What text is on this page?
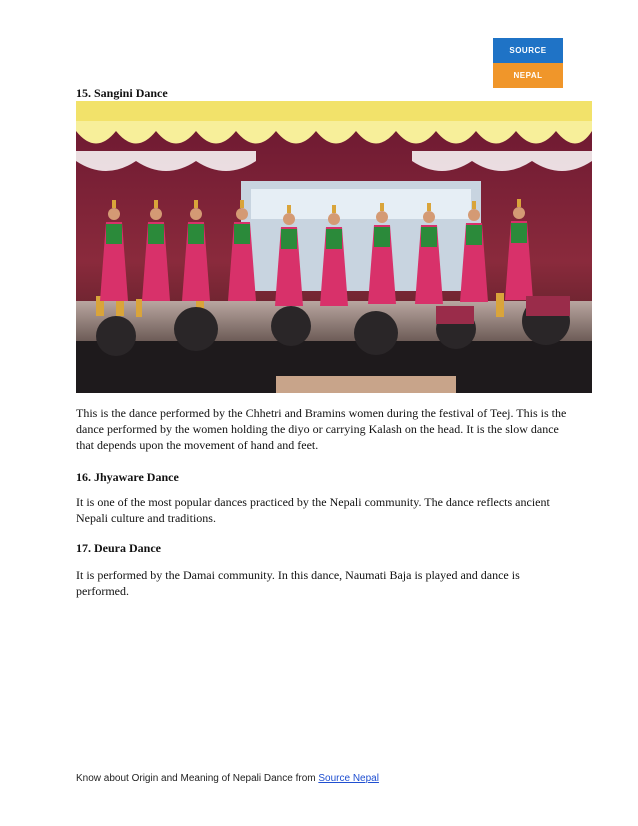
SOURCE
NEPAL
15. Sangini Dance

This is the dance performed by the Chhetri and Bramins women during the festival of Teej. This is the dance performed by the women holding the diyo or carrying Kalash on the head. It is the slow dance that depends upon the movement of hand and feet.

16. Jhyaware Dance

It is one of the most popular dances practiced by the Nepali community. The dance reflects ancient Nepali culture and traditions.

17. Deura Dance

It is performed by the Damai community. In this dance, Naumati Baja is played and dance is performed.

Know about Origin and Meaning of Nepali Dance from Source Nepal
